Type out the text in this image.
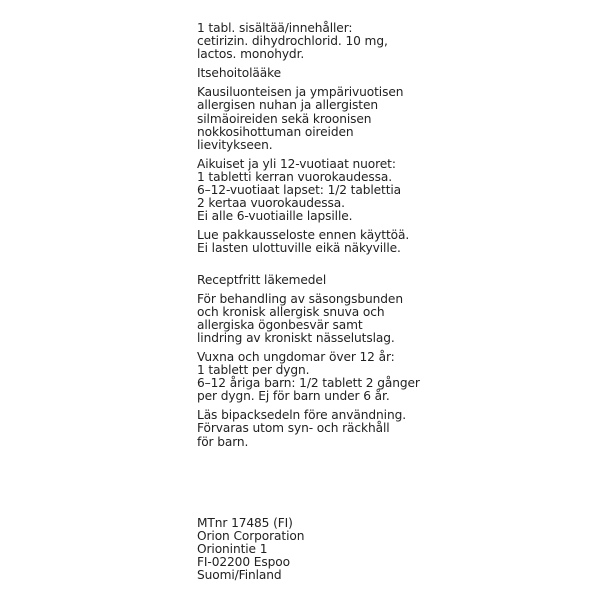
1 tabl. sisältää/innehåller:
cetirizin. dihydrochlorid. 10 mg,
lactos. monohydr.
Itsehoitolääke
Kausiluonteisen ja ympärivuotisen
allergisen nuhan ja allergisten
silmäoireiden sekä kroonisen
nokkosihottuman oireiden
lievitykseen.
Aikuiset ja yli 12-vuotiaat nuoret:
1 tabletti kerran vuorokaudessa.
6–12-vuotiaat lapset: 1/2 tablettia
2 kertaa vuorokaudessa.
Ei alle 6-vuotiaille lapsille.
Lue pakkausseloste ennen käyttöä.
Ei lasten ulottuville eikä näkyville.
Receptfritt läkemedel
För behandling av säsongsbunden
och kronisk allergisk snuva och
allergiska ögonbesvär samt
lindring av kroniskt nässelutslag.
Vuxna och ungdomar över 12 år:
1 tablett per dygn.
6–12 åriga barn: 1/2 tablett 2 gånger
per dygn. Ej för barn under 6 år.
Läs bipacksedeln före användning.
Förvaras utom syn- och räckhåll
för barn.
MTnr 17485 (FI)
Orion Corporation
Orionintie 1
FI-02200 Espoo
Suomi/Finland
